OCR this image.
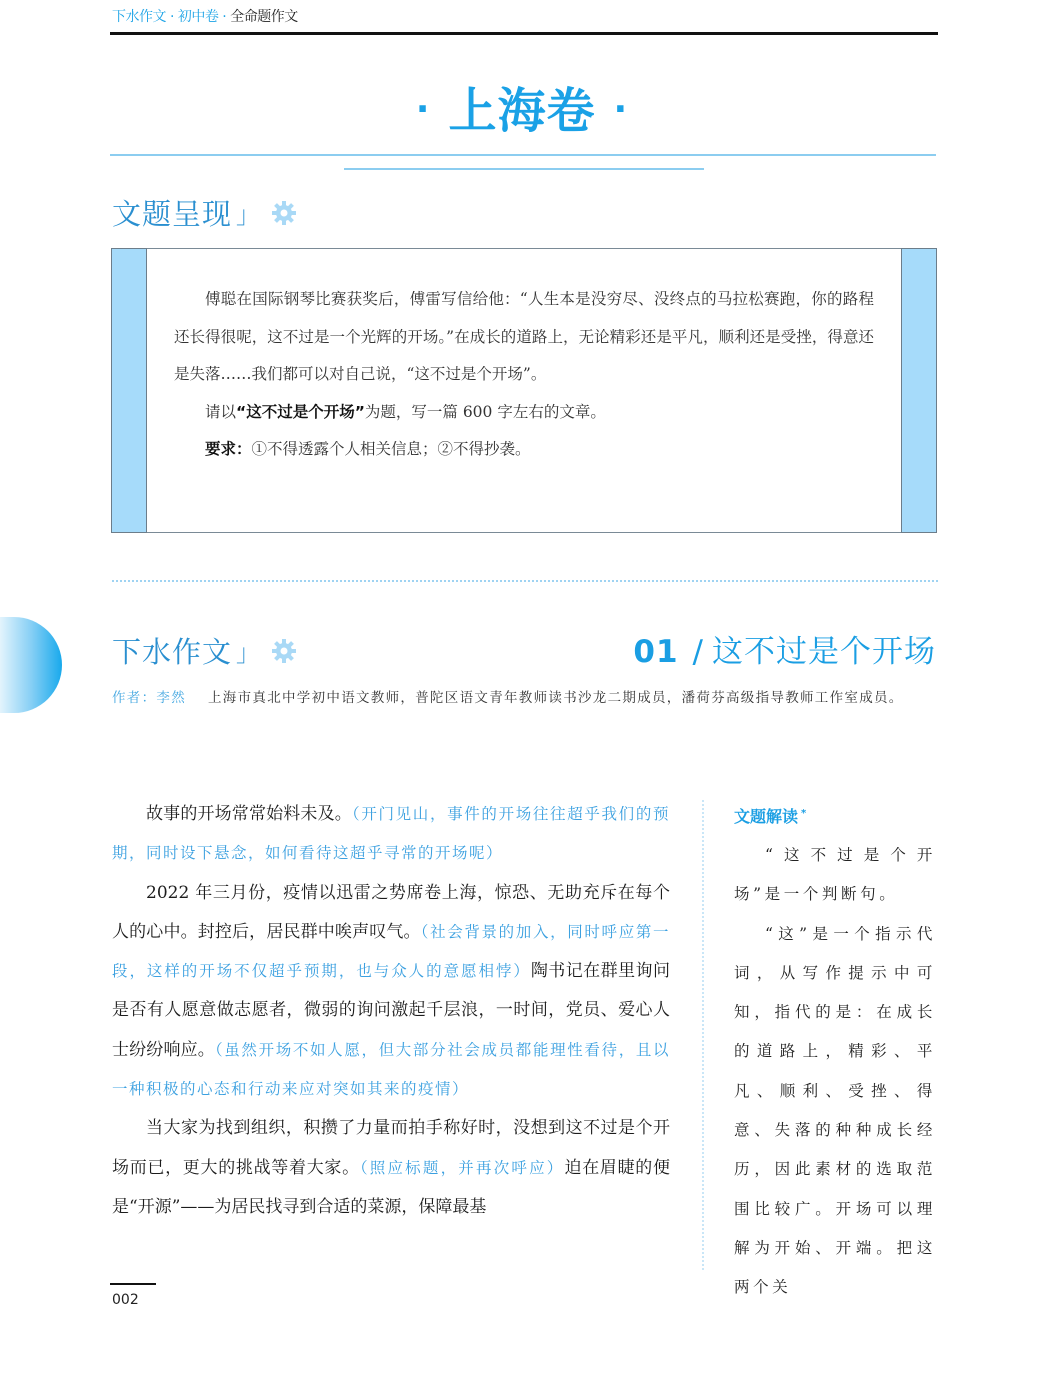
下水作文 · 初中卷 · 全命题作文
· 上海卷 ·
文题呈现 」

傅聪在国际钢琴比赛获奖后，傅雷写信给他：“人生本是没穷尽、没终点的马拉松赛跑，你的路程还长得很呢，这不过是一个光辉的开场。”在成长的道路上，无论精彩还是平凡，顺利还是受挫，得意还是失落……我们都可以对自己说，“这不过是个开场”。

请以“这不过是个开场”为题，写一篇 600 字左右的文章。

要求：①不得透露个人相关信息；②不得抄袭。

下水作文 」	01 / 这不过是个开场
作者：李然 上海市真北中学初中语文教师，普陀区语文青年教师读书沙龙二期成员，潘荷芬高级指导教师工作室成员。

故事的开场常常始料未及。（开门见山，事件的开场往往超乎我们的预期，同时设下悬念，如何看待这超乎寻常的开场呢）

2022 年三月份，疫情以迅雷之势席卷上海，惊恐、无助充斥在每个人的心中。封控后，居民群中唉声叹气。（社会背景的加入，同时呼应第一段，这样的开场不仅超乎预期，也与众人的意愿相悖）陶书记在群里询问是否有人愿意做志愿者，微弱的询问激起千层浪，一时间，党员、爱心人士纷纷响应。（虽然开场不如人愿，但大部分社会成员都能理性看待，且以一种积极的心态和行动来应对突如其来的疫情）

当大家为找到组织，积攒了力量而拍手称好时，没想到这不过是个开场而已，更大的挑战等着大家。（照应标题，并再次呼应）迫在眉睫的便是“开源”——为居民找寻到合适的菜源，保障最基

文题解读 *

“这不过是个开场”是一个判断句。

“这”是一个指示代词，从写作提示中可知，指代的是：在成长的道路上，精彩、平凡、顺利、受挫、得意、失落的种种成长经历，因此素材的选取范围比较广。开场可以理解为开始、开端。把这两个关

002
